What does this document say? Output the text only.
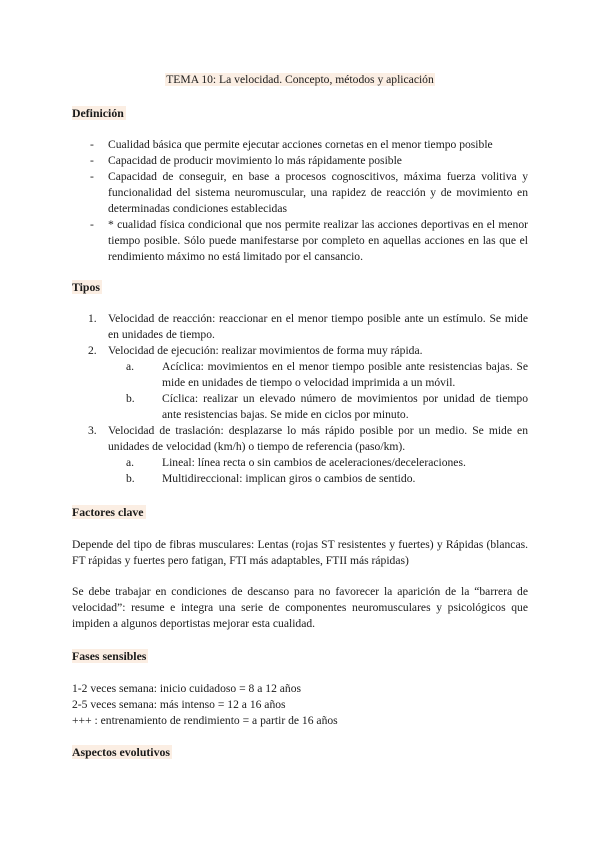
TEMA 10: La velocidad. Concepto, métodos y aplicación
Definición
- Cualidad básica que permite ejecutar acciones cornetas en el menor tiempo posible
- Capacidad de producir movimiento lo más rápidamente posible
- Capacidad de conseguir, en base a procesos cognoscitivos, máxima fuerza volitiva y funcionalidad del sistema neuromuscular, una rapidez de reacción y de movimiento en determinadas condiciones establecidas
- * cualidad física condicional que nos permite realizar las acciones deportivas en el menor tiempo posible. Sólo puede manifestarse por completo en aquellas acciones en las que el rendimiento máximo no está limitado por el cansancio.
Tipos
1. Velocidad de reacción: reaccionar en el menor tiempo posible ante un estímulo. Se mide en unidades de tiempo.
2. Velocidad de ejecución: realizar movimientos de forma muy rápida.
a. Acíclica: movimientos en el menor tiempo posible ante resistencias bajas. Se mide en unidades de tiempo o velocidad imprimida a un móvil.
b. Cíclica: realizar un elevado número de movimientos por unidad de tiempo ante resistencias bajas. Se mide en ciclos por minuto.
3. Velocidad de traslación: desplazarse lo más rápido posible por un medio. Se mide en unidades de velocidad (km/h) o tiempo de referencia (paso/km).
a. Lineal: línea recta o sin cambios de aceleraciones/deceleraciones.
b. Multidireccional: implican giros o cambios de sentido.
Factores clave
Depende del tipo de fibras musculares: Lentas (rojas ST resistentes y fuertes) y Rápidas (blancas. FT rápidas y fuertes pero fatigan, FTI más adaptables, FTII más rápidas)
Se debe trabajar en condiciones de descanso para no favorecer la aparición de la “barrera de velocidad”: resume e integra una serie de componentes neuromusculares y psicológicos que impiden a algunos deportistas mejorar esta cualidad.
Fases sensibles
1-2 veces semana: inicio cuidadoso = 8 a 12 años
2-5 veces semana: más intenso = 12 a 16 años
+++ : entrenamiento de rendimiento = a partir de 16 años
Aspectos evolutivos
